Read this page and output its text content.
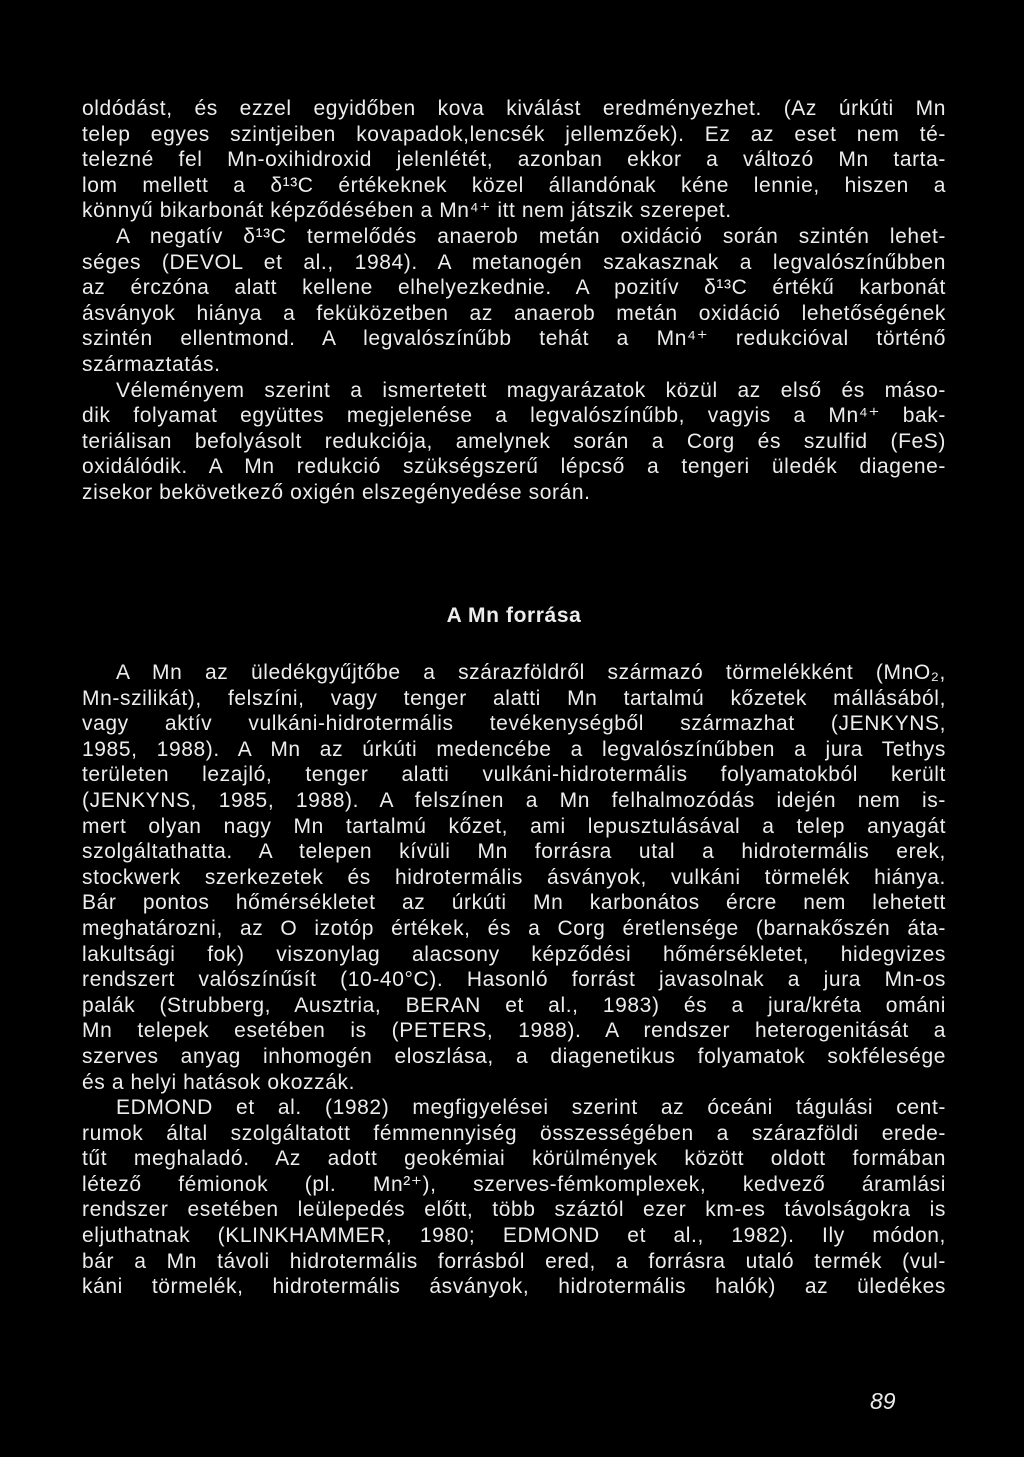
oldódást, és ezzel egyidőben kova kiválást eredményezhet. (Az úrkúti Mn
telep egyes szintjeiben kovapadok,lencsék jellemzőek). Ez az eset nem té-
telezné fel Mn-oxihidroxid jelenlétét, azonban ekkor a változó Mn tarta-
lom mellett a δ¹³C értékeknek közel állandónak kéne lennie, hiszen a
könnyű bikarbonát képződésében a Mn⁴⁺ itt nem játszik szerepet.
A negatív δ¹³C termelődés anaerob metán oxidáció során szintén lehet-
séges (DEVOL et al., 1984). A metanogén szakasznak a legvalószínűbben
az érczóna alatt kellene elhelyezkednie. A pozitív δ¹³C értékű karbonát
ásványok hiánya a feküközetben az anaerob metán oxidáció lehetőségének
szintén ellentmond. A legvalószínűbb tehát a Mn⁴⁺ redukcióval történő
származtatás.
Véleményem szerint a ismertetett magyarázatok közül az első és máso-
dik folyamat együttes megjelenése a legvalószínűbb, vagyis a Mn⁴⁺ bak-
teriálisan befolyásolt redukciója, amelynek során a Corg és szulfid (FeS)
oxidálódik. A Mn redukció szükségszerű lépcső a tengeri üledék diagene-
zisekor bekövetkező oxigén elszegényedése során.

A Mn forrása

A Mn az üledékgyűjtőbe a szárazföldről származó törmelékként (MnO₂,
Mn-szilikát), felszíni, vagy tenger alatti Mn tartalmú kőzetek mállásából,
vagy aktív vulkáni-hidrotermális tevékenységből származhat (JENKYNS,
1985, 1988). A Mn az úrkúti medencébe a legvalószínűbben a jura Tethys
területen lezajló, tenger alatti vulkáni-hidrotermális folyamatokból került
(JENKYNS, 1985, 1988). A felszínen a Mn felhalmozódás idején nem is-
mert olyan nagy Mn tartalmú kőzet, ami lepusztulásával a telep anyagát
szolgáltathatta. A telepen kívüli Mn forrásra utal a hidrotermális erek,
stockwerk szerkezetek és hidrotermális ásványok, vulkáni törmelék hiánya.
Bár pontos hőmérsékletet az úrkúti Mn karbonátos ércre nem lehetett
meghatározni, az O izotóp értékek, és a Corg éretlensége (barnakőszén áta-
lakultsági fok) viszonylag alacsony képződési hőmérsékletet, hidegvizes
rendszert valószínűsít (10-40°C). Hasonló forrást javasolnak a jura Mn-os
palák (Strubberg, Ausztria, BERAN et al., 1983) és a jura/kréta ománi
Mn telepek esetében is (PETERS, 1988). A rendszer heterogenitását a
szerves anyag inhomogén eloszlása, a diagenetikus folyamatok sokfélesége
és a helyi hatások okozzák.
EDMOND et al. (1982) megfigyelései szerint az óceáni tágulási cent-
rumok által szolgáltatott fémmennyiség összességében a szárazföldi erede-
tűt meghaladó. Az adott geokémiai körülmények között oldott formában
létező fémionok (pl. Mn²⁺), szerves-fémkomplexek, kedvező áramlási
rendszer esetében leülepedés előtt, több száztól ezer km-es távolságokra is
eljuthatnak (KLINKHAMMER, 1980; EDMOND et al., 1982). Ily módon,
bár a Mn távoli hidrotermális forrásból ered, a forrásra utaló termék (vul-
káni törmelék, hidrotermális ásványok, hidrotermális halók) az üledékes

89
